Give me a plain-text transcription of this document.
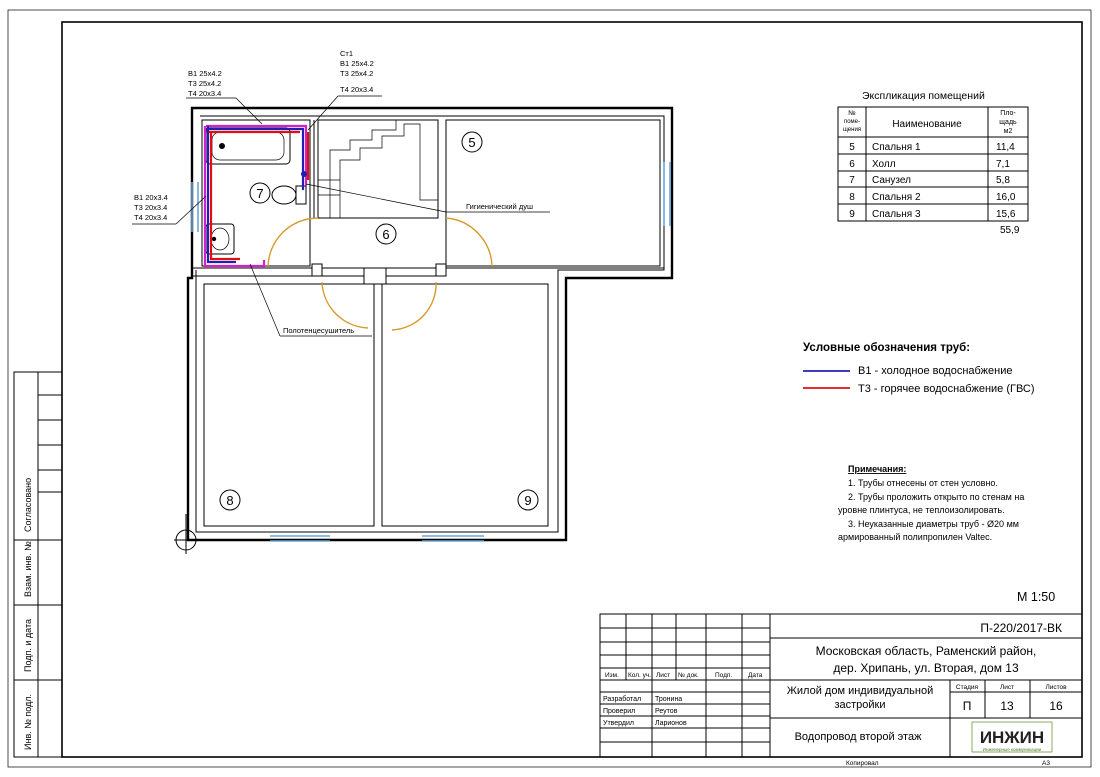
Согласовано
Взам. инв. №
Подп. и дата
Инв. № подл.
5
6
7
8	9
В1 25x4.2
Т3 25x4.2
Т4 20x3.4
Ст1
В1 25x4.2
Т3 25x4.2
Т4 20x3.4
В1 20x3.4
Т3 20x3.4
Т4 20x3.4
Гигиенический душ
Полотенцесушитель
Экспликация помещений
№
поме-
щения	Наименование
Пло-
щадь
м2
5 Спальня 1	11,4
6 Холл	7,1
7 Санузел	5,8
8 Спальня 2	16,0
9 Спальня 3	15,6
55,9
Условные обозначения труб:
В1 - холодное водоснабжение
Т3 - горячее водоснабжение (ГВС)
Примечания:
1. Трубы отнесены от стен условно.
2. Трубы проложить открыто по стенам на
уровне плинтуса, не теплоизолировать.
3. Неуказанные диаметры труб - Ø20 мм
армированный полипропилен Valtec.
М 1:50
Изм. Кол. уч. Лист № док. Подп. Дата
Разработал Тронина
Проверил	Реутов
Утвердил	Ларионов
П-220/2017-ВК
Московская область, Раменский район,
дер. Хрипань, ул. Вторая, дом 13
Жилой дом индивидуальной
застройки
Стадия	Лист	Листов
П 13	16
Водопровод второй этаж	ИНЖИН
Инженерные коммуникации
Копировал	А3
